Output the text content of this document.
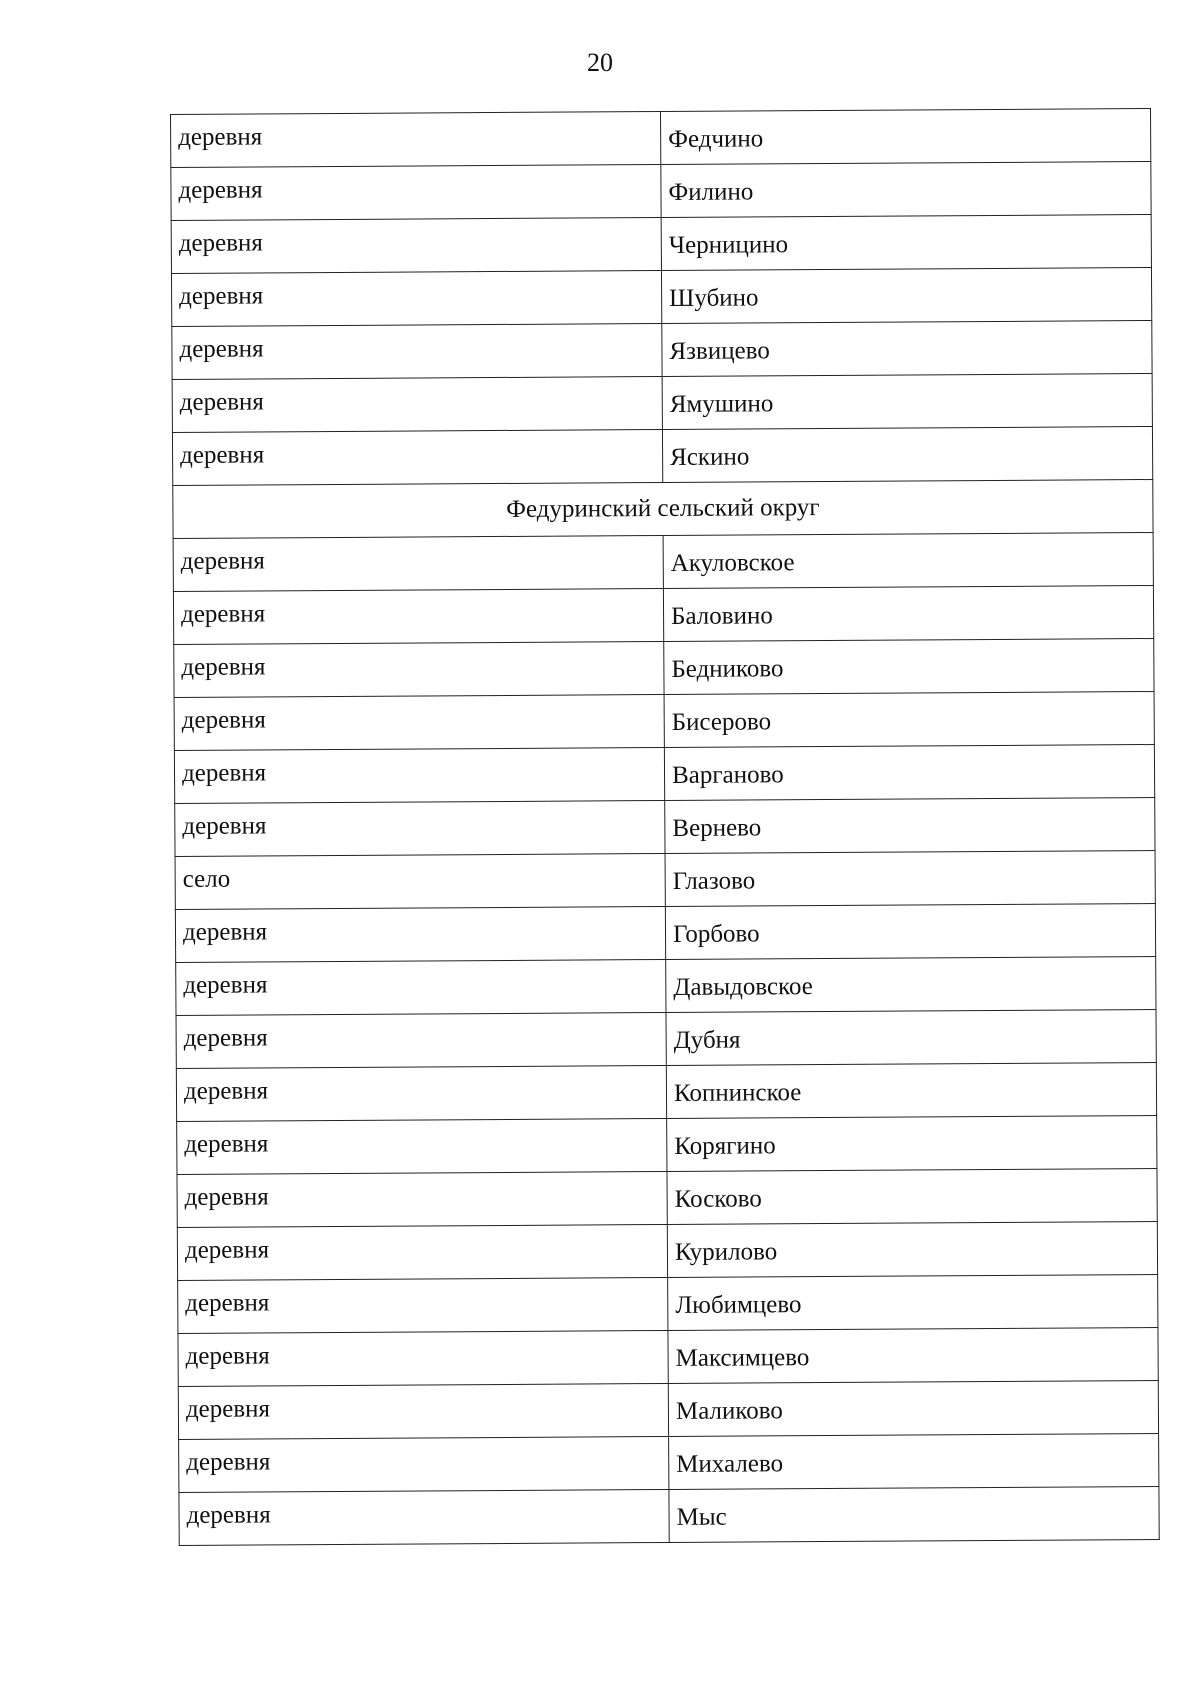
20
деревня	Федчино
деревня	Филино
деревня	Черницино
деревня	Шубино
деревня	Язвицево
деревня	Ямушино
деревня	Яскино
Федуринский сельский округ	
деревня	Акуловское
деревня	Баловино
деревня	Бедниково
деревня	Бисерово
деревня	Варганово
деревня	Вернево
село	Глазово
деревня	Горбово
деревня	Давыдовское
деревня	Дубня
деревня	Копнинское
деревня	Корягино
деревня	Косково
деревня	Курилово
деревня	Любимцево
деревня	Максимцево
деревня	Маликово
деревня	Михалево
деревня	Мыс
